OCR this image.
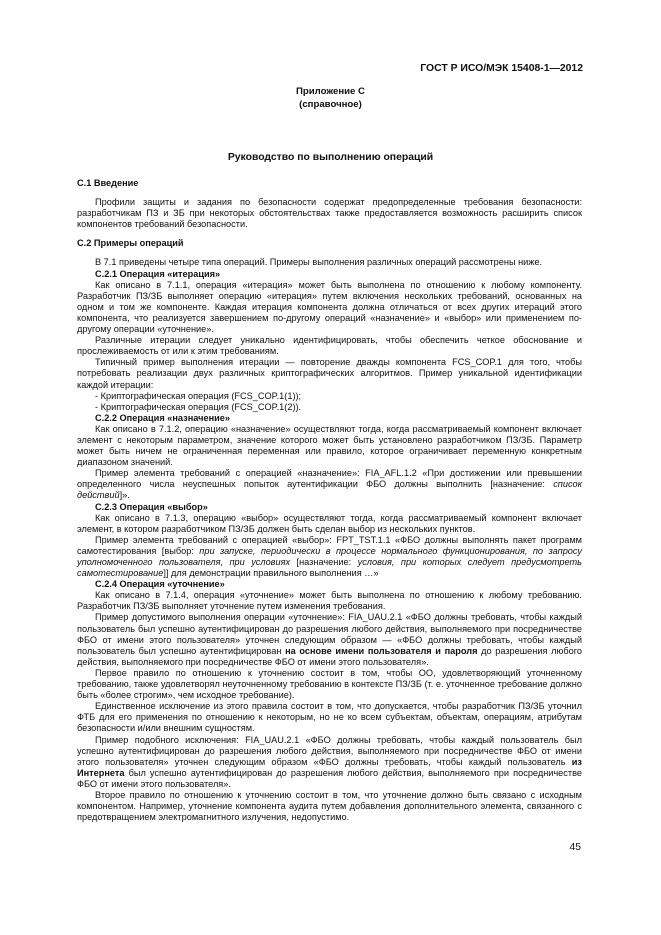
ГОСТ Р ИСО/МЭК 15408-1—2012
Приложение С
(справочное)
Руководство по выполнению операций

С.1 Введение

Профили защиты и задания по безопасности содержат предопределенные требования безопасности: разработчикам ПЗ и ЗБ при некоторых обстоятельствах также предоставляется возможность расширить список компонентов требований безопасности.

С.2 Примеры операций

В 7.1 приведены четыре типа операций. Примеры выполнения различных операций рассмотрены ниже.

С.2.1 Операция «итерация»

Как описано в 7.1.1, операция «итерация» может быть выполнена по отношению к любому компоненту. Разработчик ПЗ/ЗБ выполняет операцию «итерация» путем включения нескольких требований, основанных на одном и том же компоненте. Каждая итерация компонента должна отличаться от всех других итераций этого компонента, что реализуется завершением по-другому операций «назначение» и «выбор» или применением по-другому операции «уточнение».

Различные итерации следует уникально идентифицировать, чтобы обеспечить четкое обоснование и прослеживаемость от или к этим требованиям.

Типичный пример выполнения итерации — повторение дважды компонента FCS_COP.1 для того, чтобы потребовать реализации двух различных криптографических алгоритмов. Пример уникальной идентификации каждой итерации:

- Криптографическая операция (FCS_COP.1(1));
- Криптографическая операция (FCS_COP.1(2)).

С.2.2 Операция «назначение»

Как описано в 7.1.2, операцию «назначение» осуществляют тогда, когда рассматриваемый компонент включает элемент с некоторым параметром, значение которого может быть установлено разработчиком ПЗ/ЗБ. Параметр может быть ничем не ограниченная переменная или правило, которое ограничивает переменную конкретным диапазоном значений.

Пример элемента требований с операцией «назначение»: FIA_AFL.1.2 «При достижении или превышении определенного числа неуспешных попыток аутентификации ФБО должны выполнить [назначение: список действий]».

С.2.3 Операция «выбор»

Как описано в 7.1.3, операцию «выбор» осуществляют тогда, когда рассматриваемый компонент включает элемент, в котором разработчиком ПЗ/ЗБ должен быть сделан выбор из нескольких пунктов.

Пример элемента требований с операцией «выбор»: FPT_TST.1.1 «ФБО должны выполнять пакет программ самотестирования [выбор: при запуске, периодически в процессе нормального функционирования, по запросу уполномоченного пользователя, при условиях [назначение: условия, при которых следует предусмотреть самотестирование]] для демонстрации правильного выполнения …»

С.2.4 Операция «уточнение»

Как описано в 7.1.4, операция «уточнение» может быть выполнена по отношению к любому требованию. Разработчик ПЗ/ЗБ выполняет уточнение путем изменения требования.

Пример допустимого выполнения операции «уточнение»: FIA_UAU.2.1 «ФБО должны требовать, чтобы каждый пользователь был успешно аутентифицирован до разрешения любого действия, выполняемого при посредничестве ФБО от имени этого пользователя» уточнен следующим образом — «ФБО должны требовать, чтобы каждый пользователь был успешно аутентифицирован на основе имени пользователя и пароля до разрешения любого действия, выполняемого при посредничестве ФБО от имени этого пользователя».

Первое правило по отношению к уточнению состоит в том, чтобы ОО, удовлетворяющий уточненному требованию, также удовлетворял неуточненному требованию в контексте ПЗ/ЗБ (т. е. уточненное требование должно быть «более строгим», чем исходное требование).

Единственное исключение из этого правила состоит в том, что допускается, чтобы разработчик ПЗ/ЗБ уточнил ФТБ для его применения по отношению к некоторым, но не ко всем субъектам, объектам, операциям, атрибутам безопасности и/или внешним сущностям.

Пример подобного исключения: FIA_UAU.2.1 «ФБО должны требовать, чтобы каждый пользователь был успешно аутентифицирован до разрешения любого действия, выполняемого при посредничестве ФБО от имени этого пользователя» уточнен следующим образом «ФБО должны требовать, чтобы каждый пользователь из Интернета был успешно аутентифицирован до разрешения любого действия, выполняемого при посредничестве ФБО от имени этого пользователя».

Второе правило по отношению к уточнению состоит в том, что уточнение должно быть связано с исходным компонентом. Например, уточнение компонента аудита путем добавления дополнительного элемента, связанного с предотвращением электромагнитного излучения, недопустимо.

45
